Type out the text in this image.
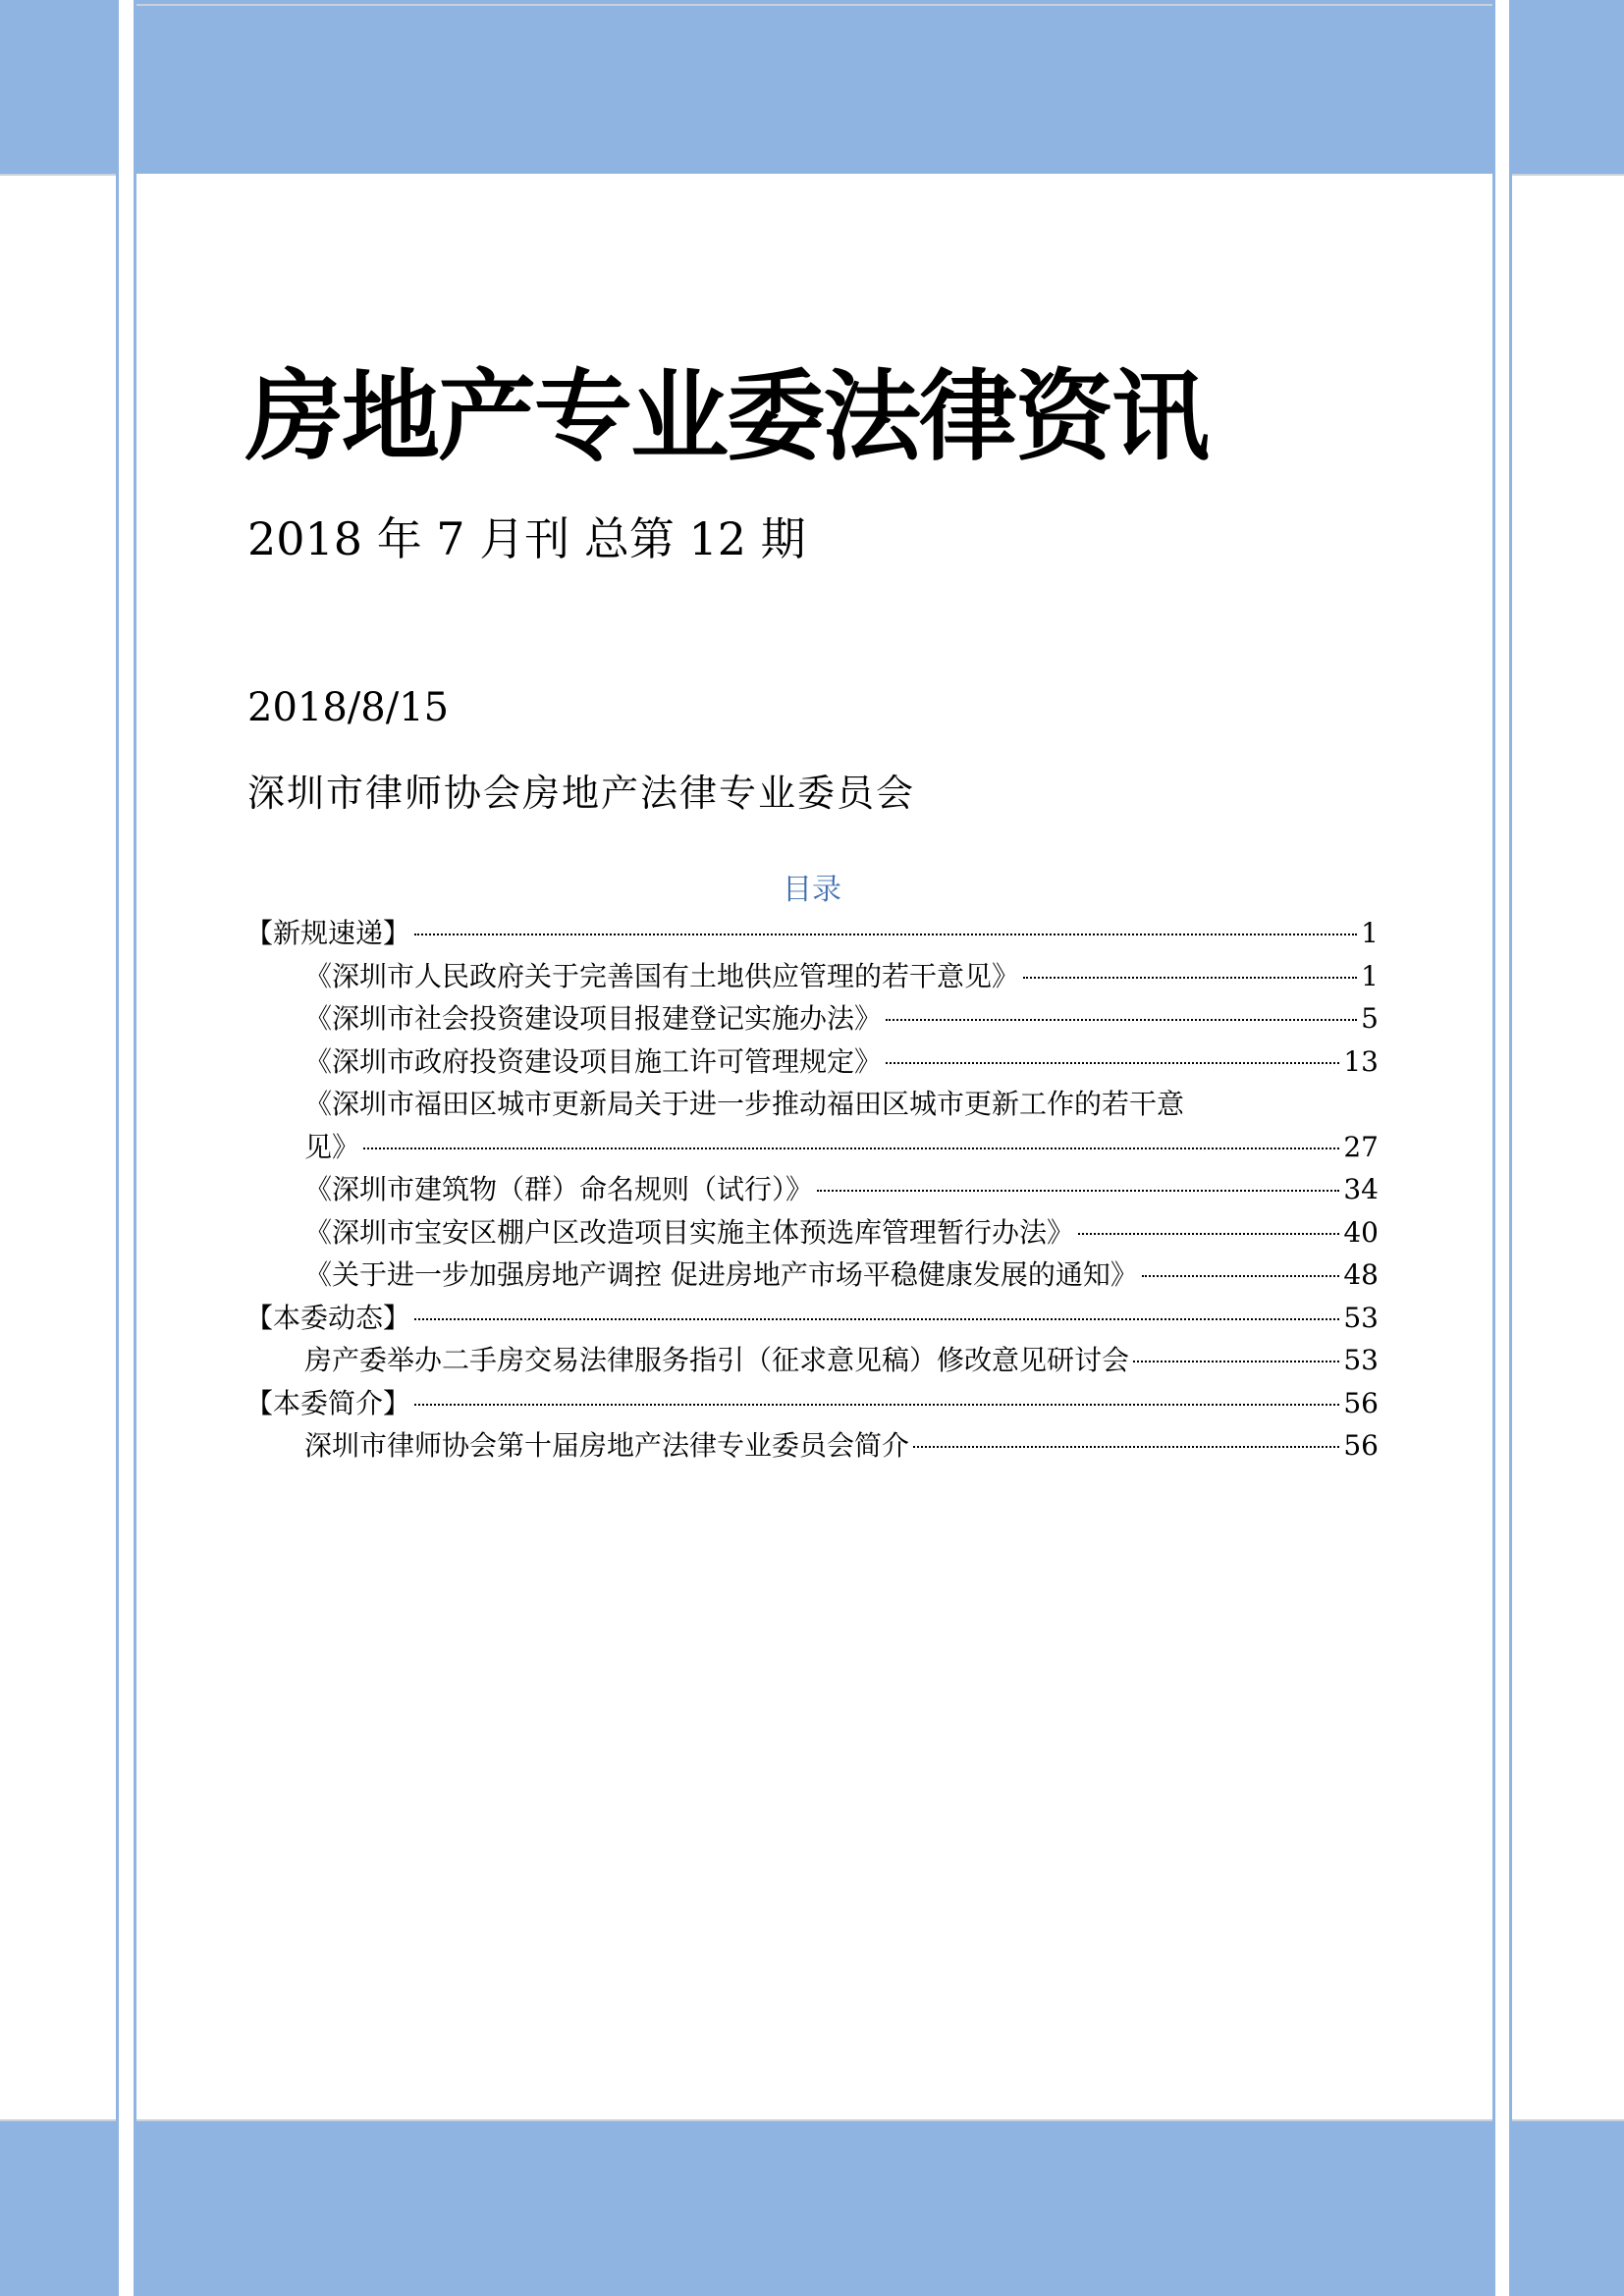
房地产专业委法律资讯
2018 年 7 月刊 总第 12 期
2018/8/15
深圳市律师协会房地产法律专业委员会
目录
【新规速递】	1
《深圳市人民政府关于完善国有土地供应管理的若干意见》	1
《深圳市社会投资建设项目报建登记实施办法》	5
《深圳市政府投资建设项目施工许可管理规定》	13
《深圳市福田区城市更新局关于进一步推动福田区城市更新工作的若干意
见》	27
《深圳市建筑物（群）命名规则（试行）》	34
《深圳市宝安区棚户区改造项目实施主体预选库管理暂行办法》	40
《关于进一步加强房地产调控 促进房地产市场平稳健康发展的通知》	48
【本委动态】	53
房产委举办二手房交易法律服务指引（征求意见稿）修改意见研讨会	53
【本委简介】	56
深圳市律师协会第十届房地产法律专业委员会简介	56
